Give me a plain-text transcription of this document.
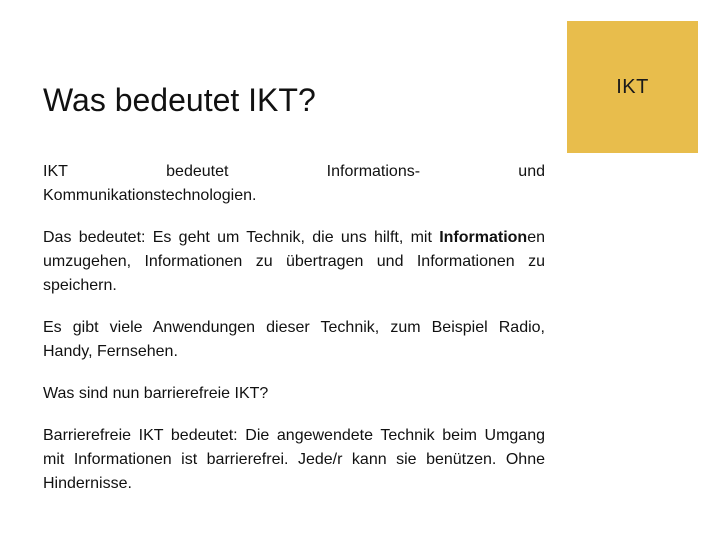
IKT
Was bedeutet IKT?

IKT	bedeutet	Informations-	und
Kommunikationstechnologien.

Das bedeutet: Es geht um Technik, die uns hilft, mit Informationen umzugehen, Informationen zu übertragen und Informationen zu speichern.

Es gibt viele Anwendungen dieser Technik, zum Beispiel Radio, Handy, Fernsehen.

Was sind nun barrierefreie IKT?

Barrierefreie IKT bedeutet: Die angewendete Technik beim Umgang mit Informationen ist barrierefrei. Jede/r kann sie benützen. Ohne Hindernisse.
